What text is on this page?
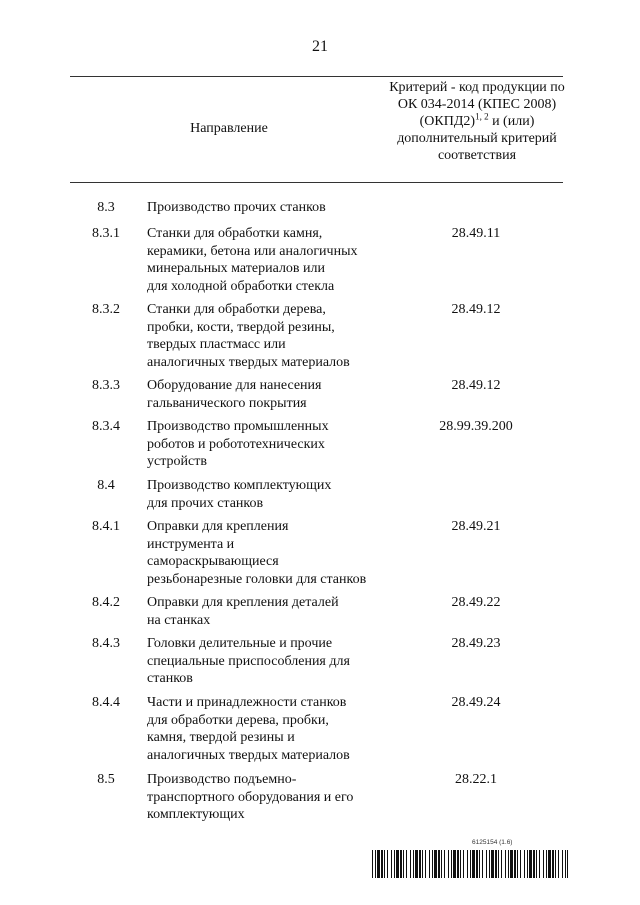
21
Направление
Критерий - код продукции по ОК 034-2014 (КПЕС 2008) (ОКПД2)$^{1, 2}$ и (или) дополнительный критерий соответствия
8.3	Производство прочих станков
8.3.1	Станки для обработки камня,
керамики, бетона или аналогичных
минеральных материалов или
для холодной обработки стекла
28.49.11
8.3.2	Станки для обработки дерева,
пробки, кости, твердой резины,
твердых пластмасс или
аналогичных твердых материалов
28.49.12
8.3.3	Оборудование для нанесения
гальванического покрытия
28.49.12
8.3.4	Производство промышленных
роботов и робототехнических
устройств
28.99.39.200
8.4	Производство комплектующих
для прочих станков
8.4.1	Оправки для крепления
инструмента и
самораскрывающиеся
резьбонарезные головки для станков
28.49.21
8.4.2	Оправки для крепления деталей
на станках
28.49.22
8.4.3	Головки делительные и прочие
специальные приспособления для
станков
28.49.23
8.4.4	Части и принадлежности станков
для обработки дерева, пробки,
камня, твердой резины и
аналогичных твердых материалов
28.49.24
8.5	Производство подъемно-
транспортного оборудования и его
комплектующих
28.22.1
6125154 (1.6)
